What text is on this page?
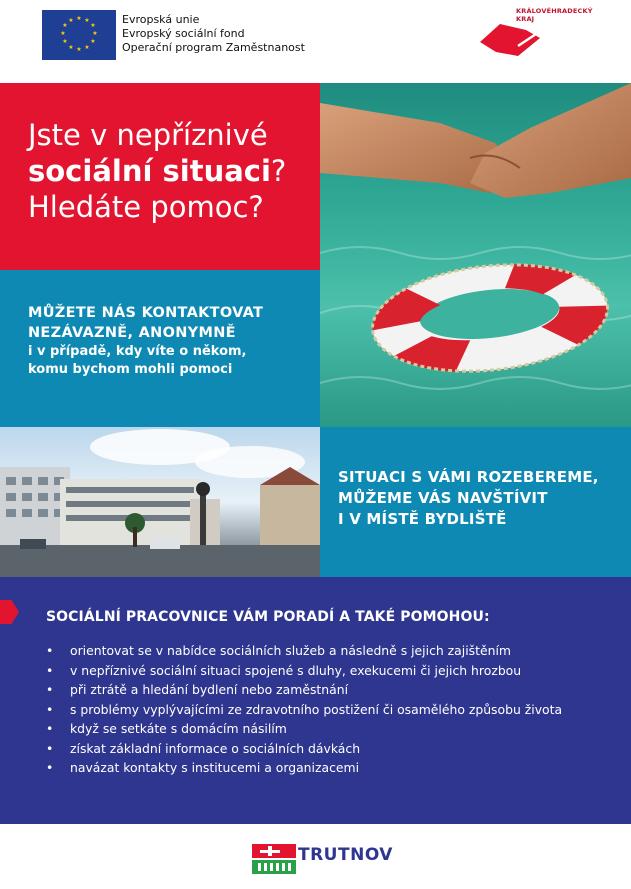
★ ★
★
★
★
★
★
★
★
★
★
★	Evropská unie
Evropský sociální fond
Operační program Zaměstnanost
KRÁLOVÉHRADECKÝ
KRAJ
Jste v nepříznivé
sociální situaci?
Hledáte pomoc?
MŮŽETE NÁS KONTAKTOVAT
NEZÁVAZNĚ, ANONYMNĚ
i v případě, kdy víte o někom,
komu bychom mohli pomoci
SITUACI S VÁMI ROZEBEREME,
MŮŽEME VÁS NAVŠTÍVIT
I V MÍSTĚ BYDLIŠTĚ
SOCIÁLNÍ PRACOVNICE VÁM PORADÍ A TAKÉ POMOHOU:
• orientovat se v nabídce sociálních služeb a následně s jejich zajištěním
• v nepříznivé sociální situaci spojené s dluhy, exekucemi či jejich hrozbou
• při ztrátě a hledání bydlení nebo zaměstnání
• s problémy vyplývajícími ze zdravotního postižení či osamělého způsobu života
• když se setkáte s domácím násilím
• získat základní informace o sociálních dávkách
• navázat kontakty s institucemi a organizacemi
TRUTNOV
